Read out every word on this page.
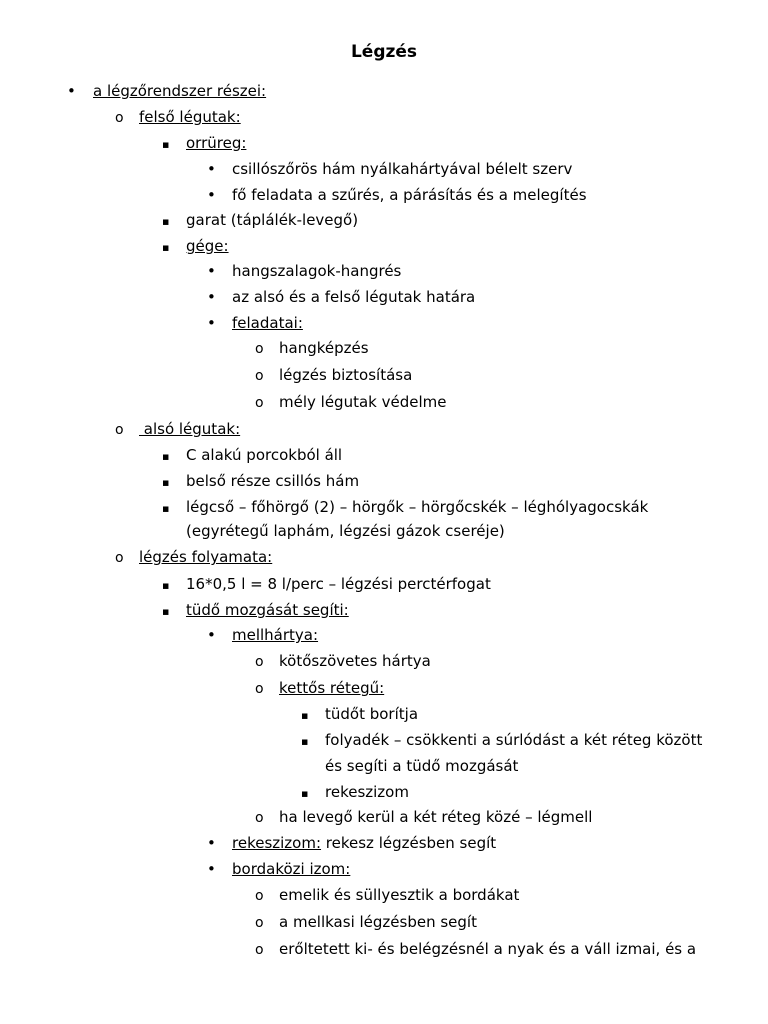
Légzés
•
o
▪
•
•
▪
▪
•
•
•
o
o
o
o
▪
▪
▪
o
▪
▪
•
o
o
▪
▪
▪
o
•
•
o
o
o
a légzőrendszer részei:
felső légutak:
orrüreg:
csillószőrös hám nyálkahártyával bélelt szerv
fő feladata a szűrés, a párásítás és a melegítés
garat (táplálék-levegő)
gége:
hangszalagok-hangrés
az alsó és a felső légutak határa
feladatai:
hangképzés
légzés biztosítása
mély légutak védelme
alsó légutak:
C alakú porcokból áll
belső része csillós hám
légcső – főhörgő (2) – hörgők – hörgőcskék – léghólyagocskák
(egyrétegű laphám, légzési gázok cseréje)
légzés folyamata:
16*0,5 l = 8 l/perc – légzési perctérfogat
tüdő mozgását segíti:
mellhártya:
kötőszövetes hártya
kettős rétegű:
tüdőt borítja
folyadék – csökkenti a súrlódást a két réteg között
és segíti a tüdő mozgását
rekeszizom
ha levegő kerül a két réteg közé – légmell
rekeszizom: rekesz légzésben segít
bordaközi izom:
emelik és süllyesztik a bordákat
a mellkasi légzésben segít
erőltetett ki- és belégzésnél a nyak és a váll izmai, és a
